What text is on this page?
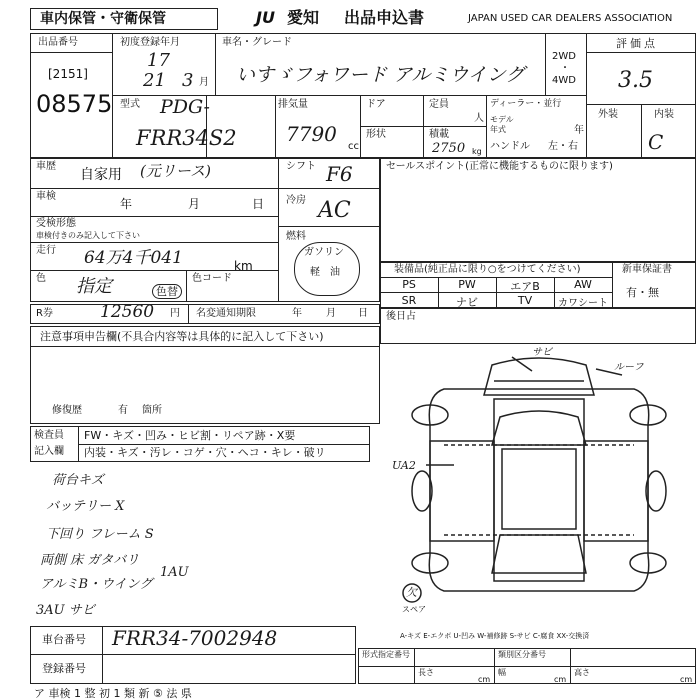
車内保管・守衛保管	JU 愛知 出品申込書	JAPAN USED CAR DEALERS ASSOCIATION
出品番号
[2151]
08575
初度登録年月
17
21 3 月
車名・グレード
いすゞフォワード アルミウイング
2WD
・
4WD
評価点
3.5
外装	内装
C
型式 PDG-
FRR34S2
排気量
7790
cc
ドア	定員
人
形状	積載
2750 kg
ディーラー・並行
モデル
年式	年
ハンドル 左・右
車歴
自家用 (元リース)
車検
年	月	日
受検形態
車検付きのみ記入して下さい
走行 64万4千041	km
色 指定	色替
色コード
シフト F6
冷房 AC
燃料
ガソリン
軽　油
セールスポイント(正常に機能するものに限ります)
装備品(純正品に限り○をつけてください)	新車保証書
有・無
PS	PW	エアB	AW
SR	ナビ	TV	カワシート
R券	12560 円 名変通知期限	年 月 日 後日占
注意事項申告欄(不具合内容等は具体的に記入して下さい)
修復歴	有 箇所
検査員
記入欄
FW・キズ・凹み・ヒビ割・リペア跡・X要
内装・キズ・汚レ・コゲ・穴・ヘコ・キレ・破リ
荷台キズ
バッテリー X
下回り フレーム S
両側 床 ガタバリ
1AU
アルミB・ウイング
3AU サビ
サビ
ルーフ
UA2
欠
スペア
A-キズ E-エクボ U-凹み W-補修跡 S-サビ C-腐食 XX-交換済
車台番号 FRR34-7002948
登録番号
形式指定番号	類別区分番号
長さ
cm
幅
cm
高さ
cm
ア 車検 1 整 初 1 類 新 ⑤ 法 県
